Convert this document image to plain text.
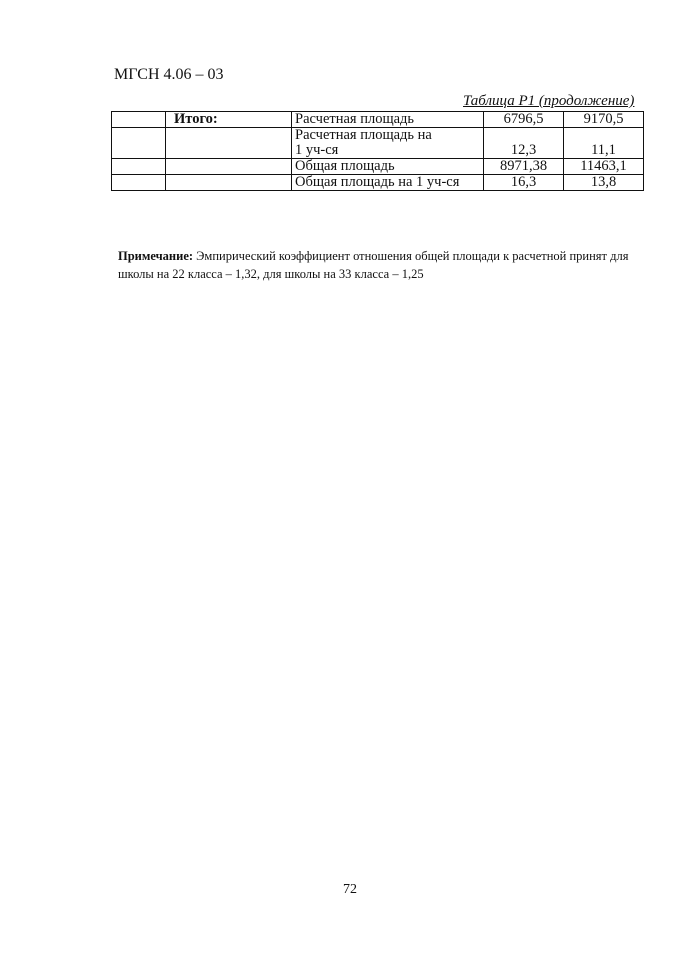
МГСН 4.06 – 03
Таблица Р1 (продолжение)
	Итого:	Расчетная площадь	6796,5	9170,5

		Расчетная площадь на
1 уч-ся	12,3	11,1
		Общая площадь	8971,38	11463,1
		Общая площадь на 1 уч-ся	16,3	13,8
Примечание: Эмпирический коэффициент отношения общей площади к расчетной принят для школы на 22 класса – 1,32, для школы на 33 класса – 1,25
72
